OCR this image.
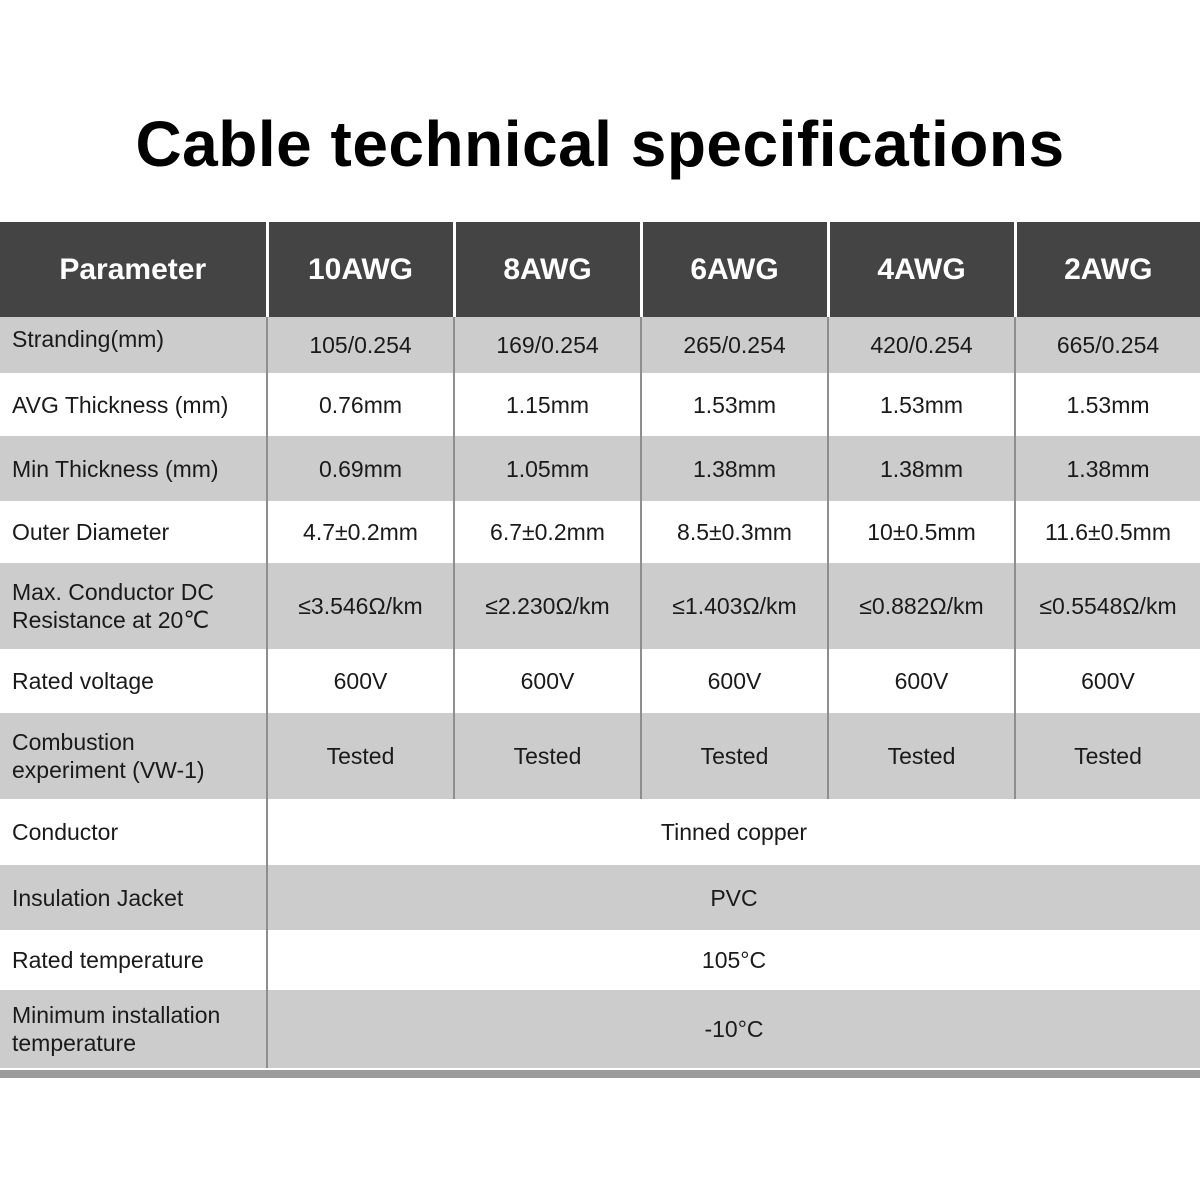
Cable technical specifications
Parameter	10AWG	8AWG	6AWG	4AWG	2AWG
Stranding(mm)	105/0.254	169/0.254	265/0.254	420/0.254	665/0.254
AVG Thickness (mm)	0.76mm	1.15mm	1.53mm	1.53mm	1.53mm
Min Thickness (mm)	0.69mm	1.05mm	1.38mm	1.38mm	1.38mm
Outer Diameter	4.7±0.2mm	6.7±0.2mm	8.5±0.3mm	10±0.5mm	11.6±0.5mm

Max. Conductor DC
Resistance at 20℃	≤3.546Ω/km	≤2.230Ω/km	≤1.403Ω/km	≤0.882Ω/km	≤0.5548Ω/km
Rated voltage	600V	600V	600V	600V	600V

Combustion
experiment (VW-1)	Tested	Tested	Tested	Tested	Tested
Conductor	Tinned copper				
Insulation Jacket	PVC				
Rated temperature	105°C				

Minimum installation
temperature	-10°C				
